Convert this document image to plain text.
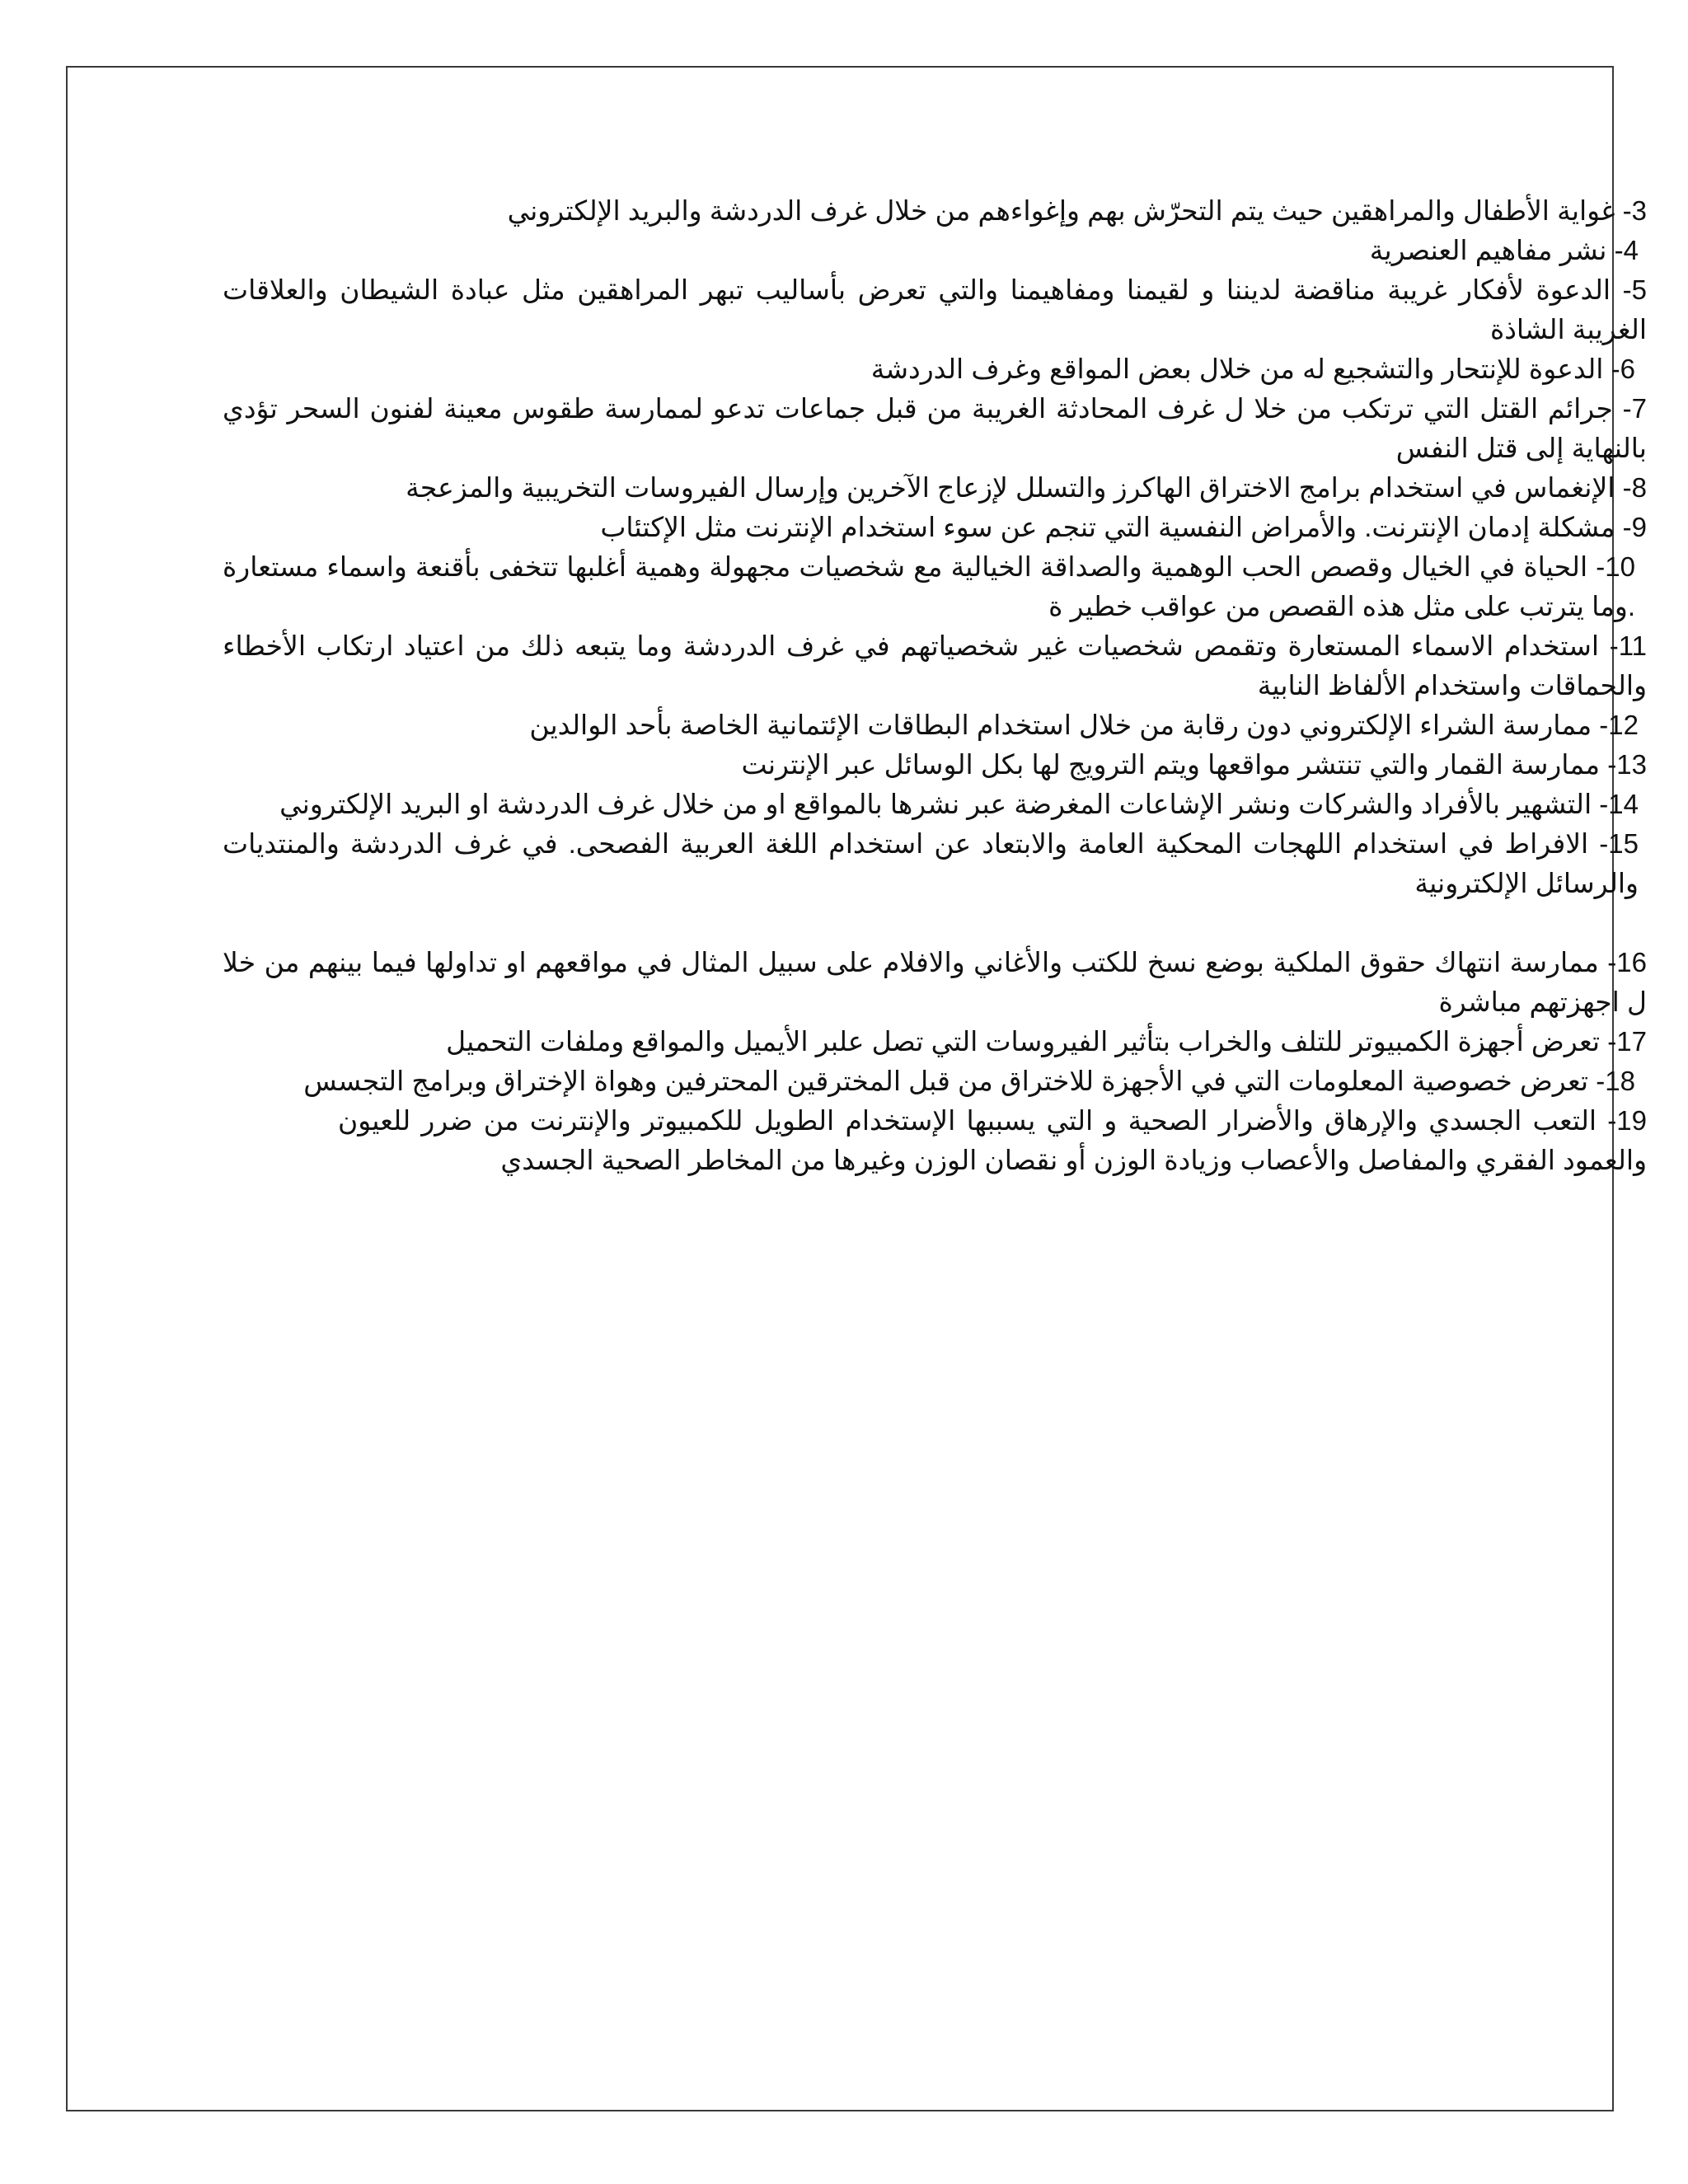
3- غواية الأطفال والمراهقين حيث يتم التحرّش بهم وإغواءهم من خلال غرف الدردشة والبريد الإلكتروني

4- نشر مفاهيم العنصرية

5- الدعوة لأفكار غريبة مناقضة لديننا و لقيمنا ومفاهيمنا والتي تعرض بأساليب تبهر المراهقين مثل عبادة الشيطان والعلاقات الغريبة الشاذة

6- الدعوة للإنتحار والتشجيع له من خلال بعض المواقع وغرف الدردشة

7- جرائم القتل التي ترتكب من خلا ل غرف المحادثة الغريبة من قبل جماعات تدعو لممارسة طقوس معينة لفنون السحر تؤدي بالنهاية إلى قتل النفس

8- الإنغماس في استخدام برامج الاختراق الهاكرز والتسلل لإزعاج الآخرين وإرسال الفيروسات التخريبية والمزعجة

9- مشكلة إدمان الإنترنت. والأمراض النفسية التي تنجم عن سوء استخدام الإنترنت مثل الإكتئاب

10- الحياة في الخيال وقصص الحب الوهمية والصداقة الخيالية مع شخصيات مجهولة وهمية أغلبها تتخفى بأقنعة واسماء مستعارة .وما يترتب على مثل هذه القصص من عواقب خطير ة

11- استخدام الاسماء المستعارة وتقمص شخصيات غير شخصياتهم في غرف الدردشة وما يتبعه ذلك من اعتياد ارتكاب الأخطاء والحماقات واستخدام الألفاظ النابية

12- ممارسة الشراء الإلكتروني دون رقابة من خلال استخدام البطاقات الإئتمانية الخاصة بأحد الوالدين

13- ممارسة القمار والتي تنتشر مواقعها ويتم الترويج لها بكل الوسائل عبر الإنترنت

14- التشهير بالأفراد والشركات ونشر الإشاعات المغرضة عبر نشرها بالمواقع او من خلال غرف الدردشة او البريد الإلكتروني

15- الافراط في استخدام اللهجات المحكية العامة والابتعاد عن استخدام اللغة العربية الفصحى. في غرف الدردشة والمنتديات والرسائل الإلكترونية

16- ممارسة انتهاك حقوق الملكية بوضع نسخ للكتب والأغاني والافلام على سبيل المثال في مواقعهم او تداولها فيما بينهم من خلا ل اجهزتهم مباشرة

17- تعرض أجهزة الكمبيوتر للتلف والخراب بتأثير الفيروسات التي تصل علبر الأيميل والمواقع وملفات التحميل

18- تعرض خصوصية المعلومات التي في الأجهزة للاختراق من قبل المخترقين المحترفين وهواة الإختراق وبرامج التجسس

19- التعب الجسدي والإرهاق والأضرار الصحية و التي يسببها الإستخدام الطويل للكمبيوتر والإنترنت من ضرر للعيون والعمود الفقري والمفاصل والأعصاب وزيادة الوزن أو نقصان الوزن وغيرها من المخاطر الصحية الجسدي
